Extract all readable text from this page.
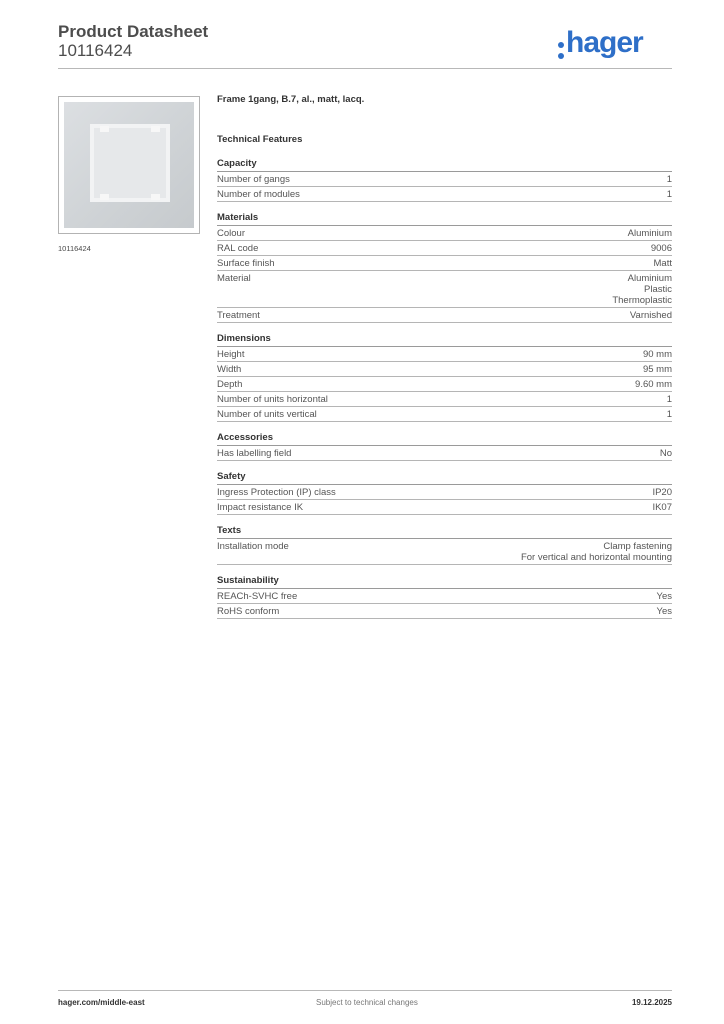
Product Datasheet
10116424	hager
10116424
Frame 1gang, B.7, al., matt, lacq.
Technical Features
Capacity
Number of gangs	1
Number of modules	1
Materials
Colour	Aluminium
RAL code	9006
Surface finish	Matt
Material	Aluminium
Plastic
Thermoplastic
Treatment	Varnished
Dimensions
Height	90 mm
Width	95 mm
Depth	9.60 mm
Number of units horizontal	1
Number of units vertical	1
Accessories
Has labelling field	No
Safety
Ingress Protection (IP) class	IP20
Impact resistance IK	IK07
Texts
Installation mode	Clamp fastening
For vertical and horizontal mounting
Sustainability
REACh-SVHC free	Yes
RoHS conform	Yes
hager.com/middle-east	Subject to technical changes	19.12.2025
